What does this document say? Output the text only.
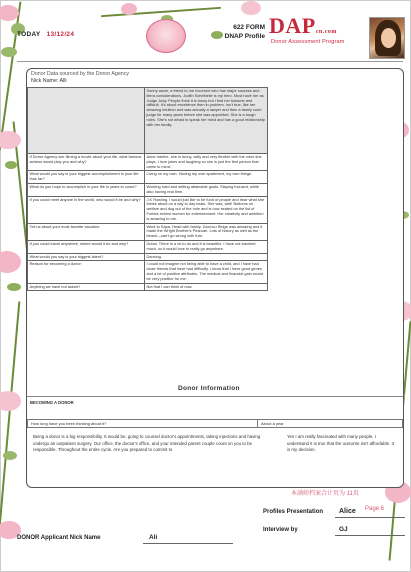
TODAY 13/12/24
622 FORM
DNAP Profile DAPcn.com
Donor Assessment Program
Donor Data sourced by the Donor Agency
Nick Name: Alli
	Sunny warm, a friend to me Incorrect who has major success and litera considerations, Judith Scheibelle is my hero. Must have her as Judge Judy. People think it is funny but I find her fulsome and difficult. It's about excellence then in problem. Isn't true, like her amazing intuition and was actually a lawyer and then a family court judge for many years before she was appointed. She is a tough rules. She's not afraid to speak her mind and has a good relationship with her family.
If Donor Agency wer filming a movie about your life, what famous actress would play you and why?	Anne hanthe, she is funny, witty and very flexible with the roles she plays. I love jokes and laughing so she is just the first person that came to mind.
What would you say is your biggest accomplishment in your life thus far?	Living on my own. Having my own apartment, my own things.
What do you hope to accomplish in your life in years to come?	Working hard and setting attainable goals. Staying focused, while also having real time.
If you could meet anyone in the world, who would it be and why?	J.K Rowling. I would just like to be fund of people and hear what she thinks about on a day to day basis. She was, well! Bottoms on welfare and dug out of the hole and is now seated on the list of Forbes richest women for entertainment. Her creativity and ambition is amazing to me.
Tell us about your most favorite vacation:	Went to Sapa. Head with family. Zoo/ocu Ridge was amazing and it made the Wright Brother's Pharoah. Lots of history as well as the beach—can't go wrong with that.
If you could travel anywhere, where would it be and why?	Dubai. There is a lot to do and it is beautiful. I have not traveled much, so it would love to really go anywhere.
What would you say is your biggest talent?	Dancing.
Reason for becoming a donor:	I could not imagine not being able to have a child, and I have had close friends that have had difficulty. I know that I have good genes and a lot of positive attributes. The medical and financial gain would be very positive for me.
Anything we have not asked?	Not that I can think of now.
Donor Information
BECOMING A DONOR
How long have you been thinking about it?	About a year
Being a donor is a big responsibility. It would be, going to counsel doctor's appointments, taking injections and having undergo an outpatient surgery. Our office, the doctor's office, and your intended parent couple count on you to be responsible. Throughout the entire cycle. Are you prepared to commit to
Yes I am really fascinated with many people. I understand it is true that the outcome isn't affordable. It is my decision.
本满师档案合计页为 11页
Page 6
Profiles Presentation Alice
Interview by	GJ
DONOR Applicant Nick Name	Ali
